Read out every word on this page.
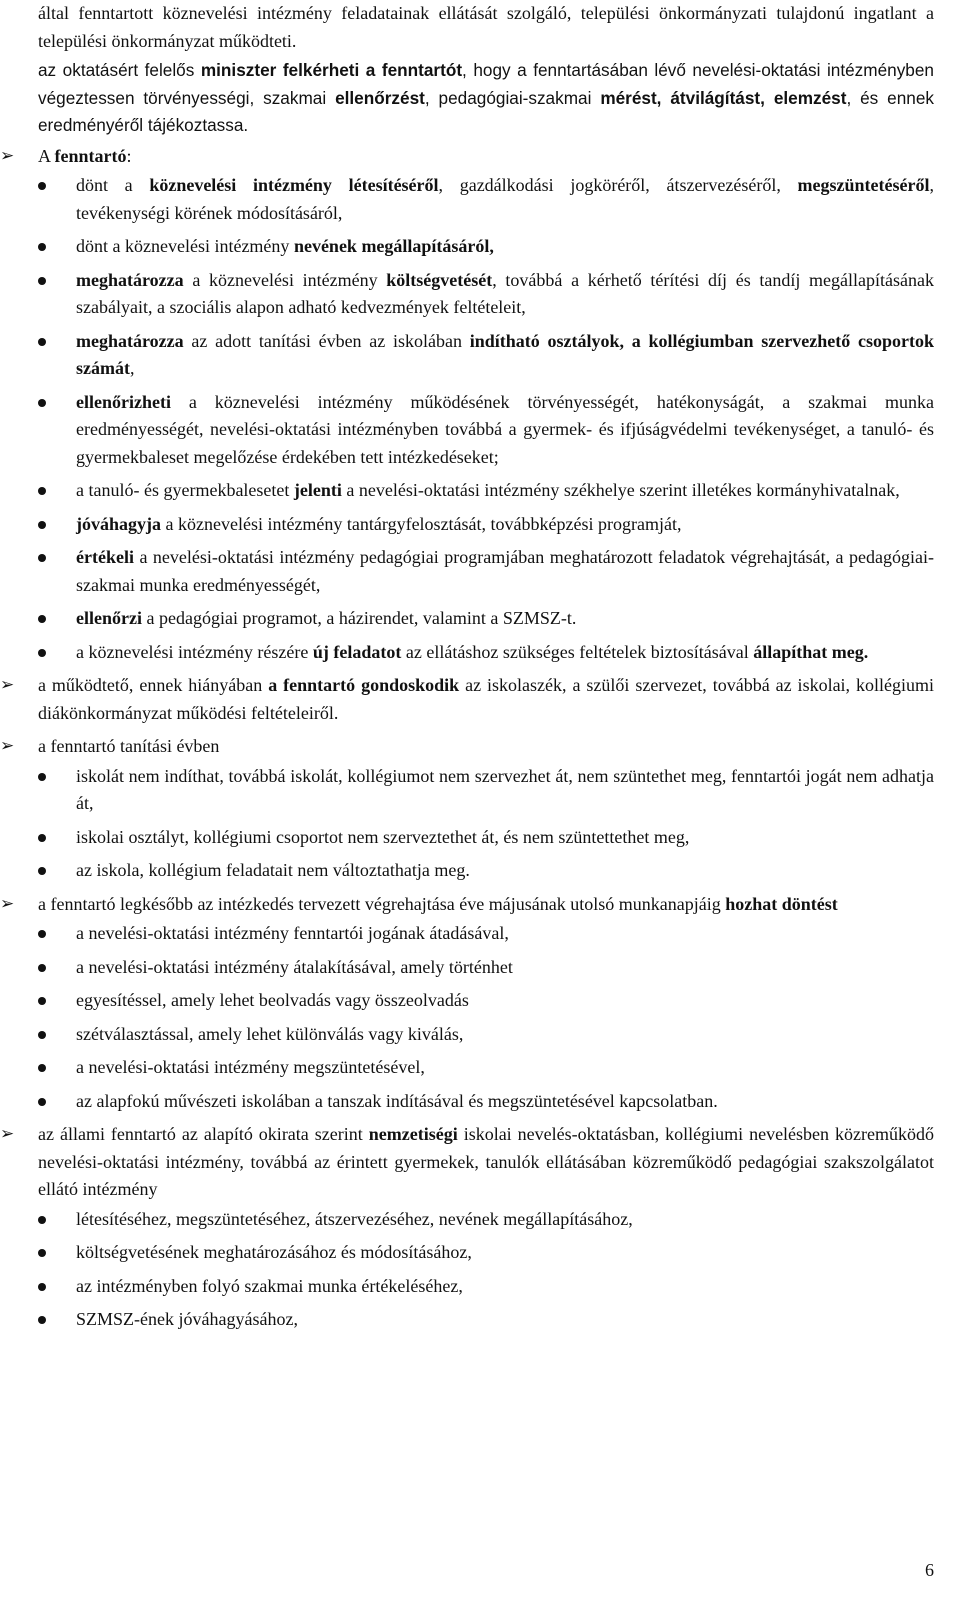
által fenntartott köznevelési intézmény feladatainak ellátását szolgáló, települési önkormányzati tulajdonú ingatlant a települési önkormányzat működteti.

az oktatásért felelős miniszter felkérheti a fenntartót, hogy a fenntartásában lévő nevelési-oktatási intézményben végeztessen törvényességi, szakmai ellenőrzést, pedagógiai-szakmai mérést, átvilágítást, elemzést, és ennek eredményéről tájékoztassa.

➢	A fenntartó:

dönt a köznevelési intézmény létesítéséről, gazdálkodási jogköréről, átszervezéséről, megszüntetéséről, tevékenységi körének módosításáról,
dönt a köznevelési intézmény nevének megállapításáról,
meghatározza a köznevelési intézmény költségvetését, továbbá a kérhető térítési díj és tandíj megállapításának szabályait, a szociális alapon adható kedvezmények feltételeit,
meghatározza az adott tanítási évben az iskolában indítható osztályok, a kollégiumban szervezhető csoportok számát,
ellenőrizheti a köznevelési intézmény működésének törvényességét, hatékonyságát, a szakmai munka eredményességét, nevelési-oktatási intézményben továbbá a gyermek- és ifjúságvédelmi tevékenységet, a tanuló- és gyermekbaleset megelőzése érdekében tett intézkedéseket;
a tanuló- és gyermekbalesetet jelenti a nevelési-oktatási intézmény székhelye szerint illetékes kormányhivatalnak,
jóváhagyja a köznevelési intézmény tantárgyfelosztását, továbbképzési programját,
értékeli a nevelési-oktatási intézmény pedagógiai programjában meghatározott feladatok végrehajtását, a pedagógiai-szakmai munka eredményességét,
ellenőrzi a pedagógiai programot, a házirendet, valamint a SZMSZ-t.
a köznevelési intézmény részére új feladatot az ellátáshoz szükséges feltételek biztosításával állapíthat meg.
➢	a működtető, ennek hiányában a fenntartó gondoskodik az iskolaszék, a szülői szervezet, továbbá az iskolai, kollégiumi diákönkormányzat működési feltételeiről.

➢	a fenntartó tanítási évben

iskolát nem indíthat, továbbá iskolát, kollégiumot nem szervezhet át, nem szüntethet meg, fenntartói jogát nem adhatja át,
iskolai osztályt, kollégiumi csoportot nem szerveztethet át, és nem szüntettethet meg,
az iskola, kollégium feladatait nem változtathatja meg.
➢	a fenntartó legkésőbb az intézkedés tervezett végrehajtása éve májusának utolsó munkanapjáig hozhat döntést

a nevelési-oktatási intézmény fenntartói jogának átadásával,
a nevelési-oktatási intézmény átalakításával, amely történhet
egyesítéssel, amely lehet beolvadás vagy összeolvadás
szétválasztással, amely lehet különválás vagy kiválás,
a nevelési-oktatási intézmény megszüntetésével,
az alapfokú művészeti iskolában a tanszak indításával és megszüntetésével kapcsolatban.
➢	az állami fenntartó az alapító okirata szerint nemzetiségi iskolai nevelés-oktatásban, kollégiumi nevelésben közreműködő nevelési-oktatási intézmény, továbbá az érintett gyermekek, tanulók ellátásában közreműködő pedagógiai szakszolgálatot ellátó intézmény

létesítéséhez, megszüntetéséhez, átszervezéséhez, nevének megállapításához,
költségvetésének meghatározásához és módosításához,
az intézményben folyó szakmai munka értékeléséhez,
SZMSZ-ének jóváhagyásához,
6
